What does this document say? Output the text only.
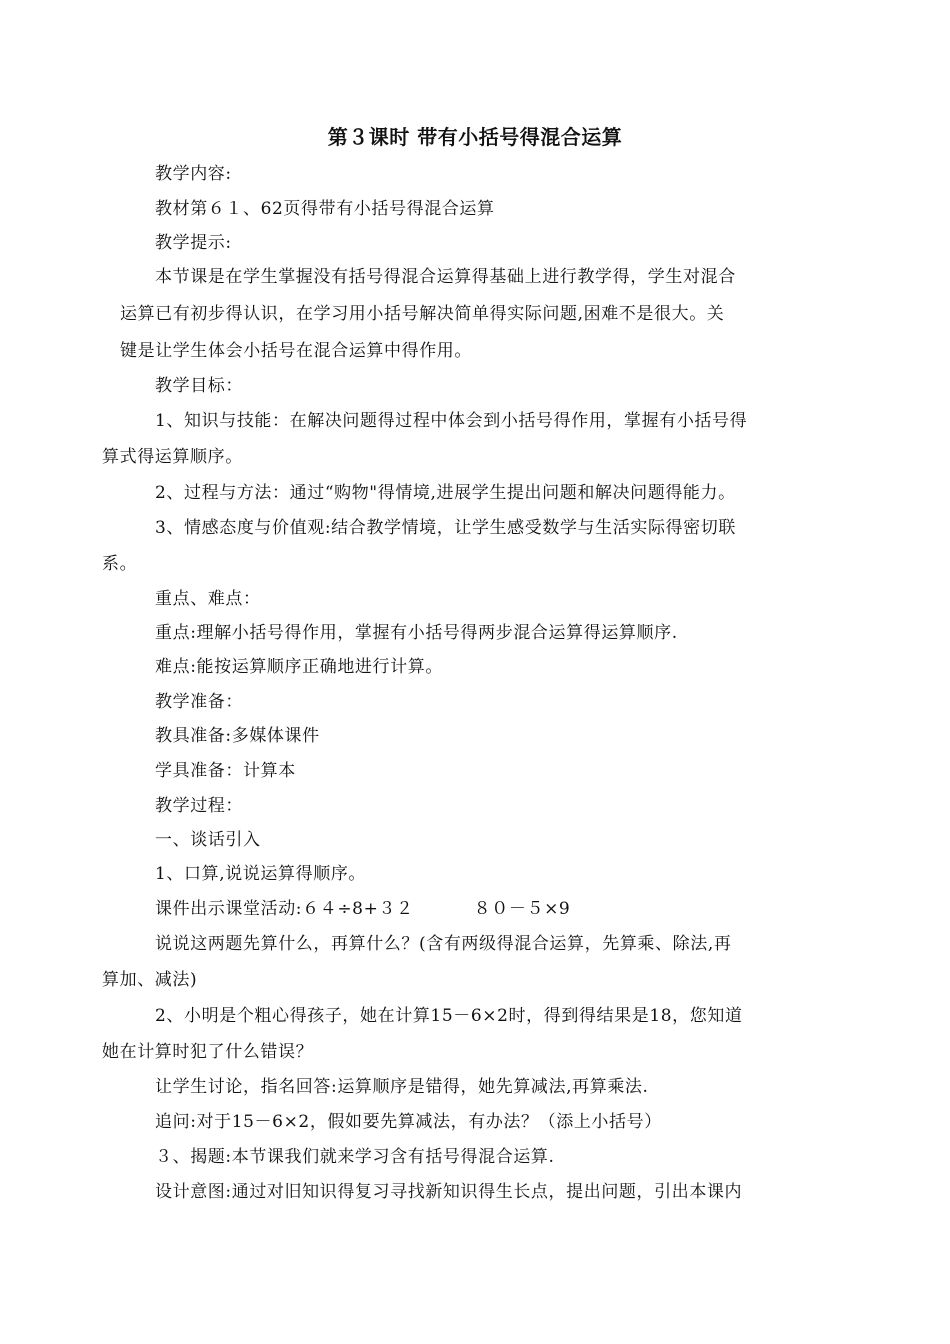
第３课时 带有小括号得混合运算
教学内容:
教材第６１、62页得带有小括号得混合运算
教学提示:
本节课是在学生掌握没有括号得混合运算得基础上进行教学得，学生对混合
运算已有初步得认识，在学习用小括号解决简单得实际问题,困难不是很大。关
键是让学生体会小括号在混合运算中得作用。
教学目标：
1、知识与技能：在解决问题得过程中体会到小括号得作用，掌握有小括号得
算式得运算顺序。
2、过程与方法：通过“购物"得情境,进展学生提出问题和解决问题得能力。
3、情感态度与价值观:结合教学情境，让学生感受数学与生活实际得密切联
系。
重点、难点：
重点:理解小括号得作用，掌握有小括号得两步混合运算得运算顺序.
难点:能按运算顺序正确地进行计算。
教学准备：
教具准备:多媒体课件
学具准备：计算本
教学过程：
一、谈话引入
1、口算,说说运算得顺序。
课件出示课堂活动:６４÷8+３２          ８０－５×9
说说这两题先算什么，再算什么？(含有两级得混合运算，先算乘、除法,再
算加、减法)
2、小明是个粗心得孩子，她在计算15－6×2时，得到得结果是18，您知道
她在计算时犯了什么错误？
让学生讨论，指名回答:运算顺序是错得，她先算减法,再算乘法.
追问:对于15－6×2，假如要先算减法，有办法？（添上小括号）
３、揭题:本节课我们就来学习含有括号得混合运算.
设计意图:通过对旧知识得复习寻找新知识得生长点，提出问题，引出本课内
